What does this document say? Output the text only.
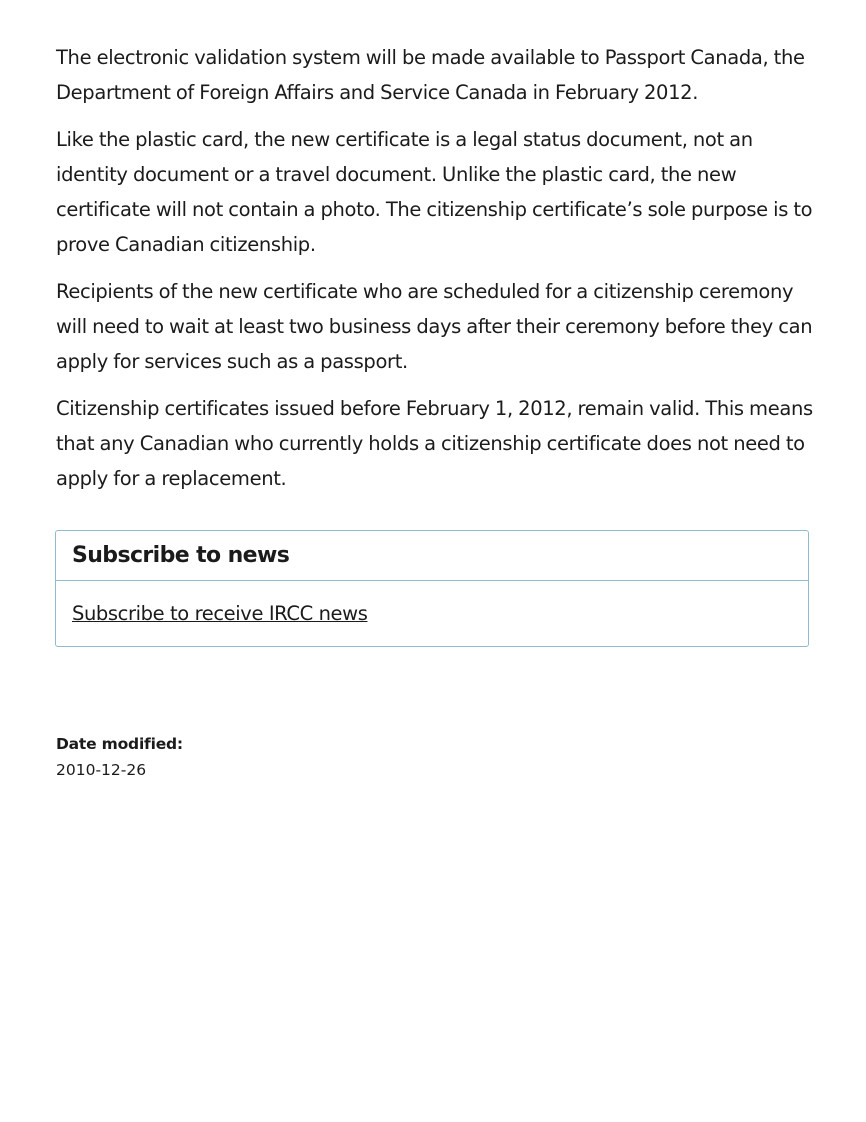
The electronic validation system will be made available to Passport Canada, the Department of Foreign Affairs and Service Canada in February 2012.

Like the plastic card, the new certificate is a legal status document, not an identity document or a travel document. Unlike the plastic card, the new certificate will not contain a photo. The citizenship certificate’s sole purpose is to prove Canadian citizenship.

Recipients of the new certificate who are scheduled for a citizenship ceremony will need to wait at least two business days after their ceremony before they can apply for services such as a passport.

Citizenship certificates issued before February 1, 2012, remain valid. This means that any Canadian who currently holds a citizenship certificate does not need to apply for a replacement.

Subscribe to news
Subscribe to receive IRCC news
Date modified:
2010-12-26
